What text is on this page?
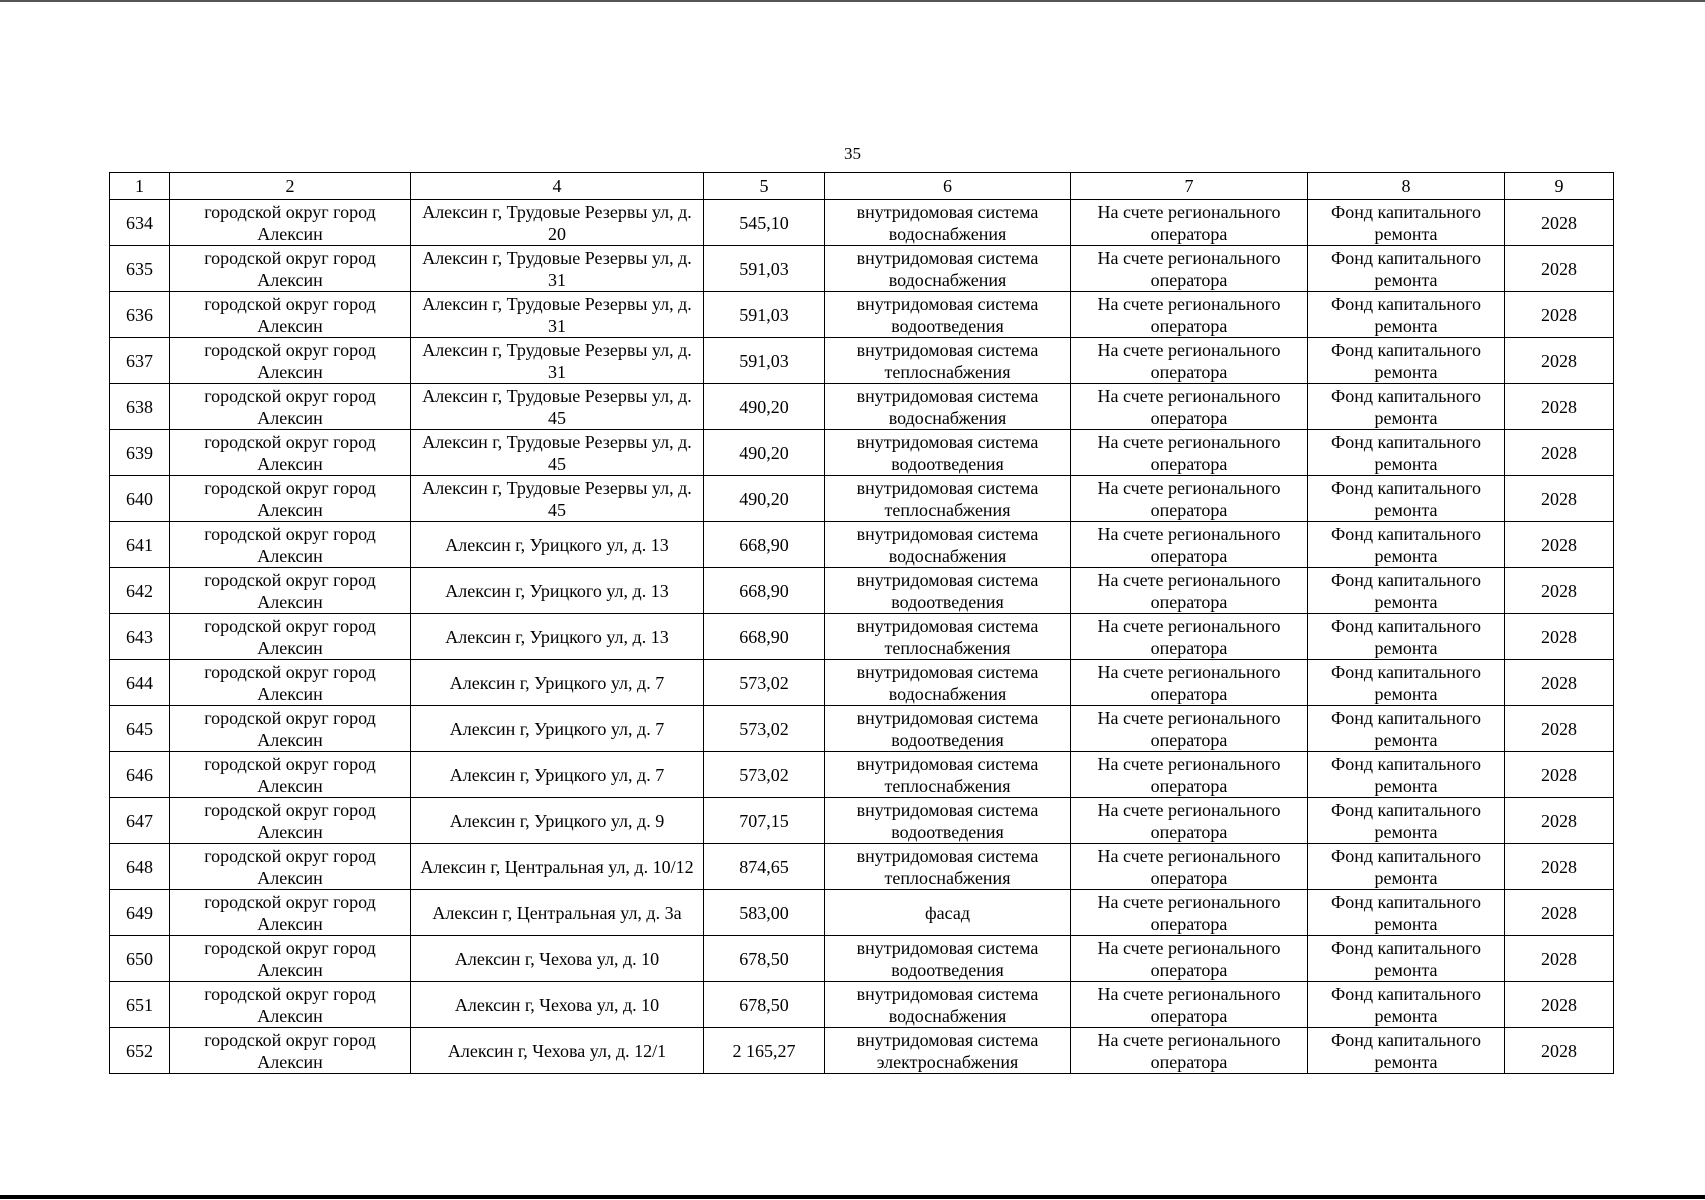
35
1	2	4	5	6	7	8	9
634	городской округ город Алексин	Алексин г, Трудовые Резервы ул, д. 20	545,10	внутридомовая система водоснабжения	На счете регионального оператора	Фонд капитального ремонта	2028
635	городской округ город Алексин	Алексин г, Трудовые Резервы ул, д. 31	591,03	внутридомовая система водоснабжения	На счете регионального оператора	Фонд капитального ремонта	2028
636	городской округ город Алексин	Алексин г, Трудовые Резервы ул, д. 31	591,03	внутридомовая система водоотведения	На счете регионального оператора	Фонд капитального ремонта	2028
637	городской округ город Алексин	Алексин г, Трудовые Резервы ул, д. 31	591,03	внутридомовая система теплоснабжения	На счете регионального оператора	Фонд капитального ремонта	2028
638	городской округ город Алексин	Алексин г, Трудовые Резервы ул, д. 45	490,20	внутридомовая система водоснабжения	На счете регионального оператора	Фонд капитального ремонта	2028
639	городской округ город Алексин	Алексин г, Трудовые Резервы ул, д. 45	490,20	внутридомовая система водоотведения	На счете регионального оператора	Фонд капитального ремонта	2028
640	городской округ город Алексин	Алексин г, Трудовые Резервы ул, д. 45	490,20	внутридомовая система теплоснабжения	На счете регионального оператора	Фонд капитального ремонта	2028
641	городской округ город Алексин	Алексин г, Урицкого ул, д. 13	668,90	внутридомовая система водоснабжения	На счете регионального оператора	Фонд капитального ремонта	2028
642	городской округ город Алексин	Алексин г, Урицкого ул, д. 13	668,90	внутридомовая система водоотведения	На счете регионального оператора	Фонд капитального ремонта	2028
643	городской округ город Алексин	Алексин г, Урицкого ул, д. 13	668,90	внутридомовая система теплоснабжения	На счете регионального оператора	Фонд капитального ремонта	2028
644	городской округ город Алексин	Алексин г, Урицкого ул, д. 7	573,02	внутридомовая система водоснабжения	На счете регионального оператора	Фонд капитального ремонта	2028
645	городской округ город Алексин	Алексин г, Урицкого ул, д. 7	573,02	внутридомовая система водоотведения	На счете регионального оператора	Фонд капитального ремонта	2028
646	городской округ город Алексин	Алексин г, Урицкого ул, д. 7	573,02	внутридомовая система теплоснабжения	На счете регионального оператора	Фонд капитального ремонта	2028
647	городской округ город Алексин	Алексин г, Урицкого ул, д. 9	707,15	внутридомовая система водоотведения	На счете регионального оператора	Фонд капитального ремонта	2028
648	городской округ город Алексин	Алексин г, Центральная ул, д. 10/12	874,65	внутридомовая система теплоснабжения	На счете регионального оператора	Фонд капитального ремонта	2028
649	городской округ город Алексин	Алексин г, Центральная ул, д. 3а	583,00	фасад	На счете регионального оператора	Фонд капитального ремонта	2028
650	городской округ город Алексин	Алексин г, Чехова ул, д. 10	678,50	внутридомовая система водоотведения	На счете регионального оператора	Фонд капитального ремонта	2028
651	городской округ город Алексин	Алексин г, Чехова ул, д. 10	678,50	внутридомовая система водоснабжения	На счете регионального оператора	Фонд капитального ремонта	2028
652	городской округ город Алексин	Алексин г, Чехова ул, д. 12/1	2 165,27	внутридомовая система электроснабжения	На счете регионального оператора	Фонд капитального ремонта	2028
